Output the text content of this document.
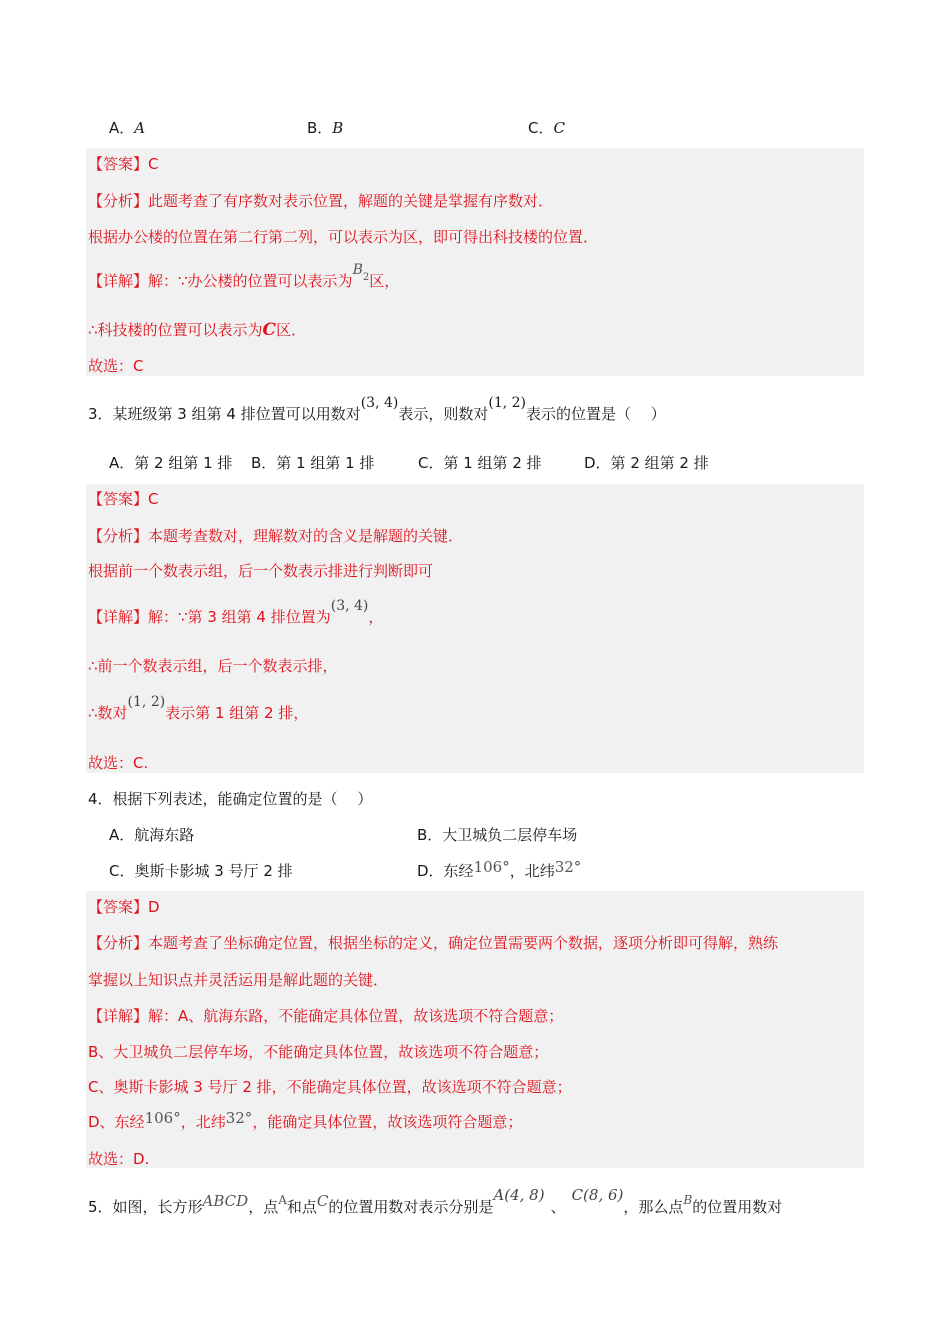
A．A	B．B	C．C
【答案】C
【分析】此题考查了有序数对表示位置，解题的关键是掌握有序数对．
根据办公楼的位置在第二行第二列，可以表示为区，即可得出科技楼的位置．
【详解】解：∵办公楼的位置可以表示为$B^2$区，
∴科技楼的位置可以表示为C区．
故选：C
3．某班级第 3 组第 4 排位置可以用数对(3, 4)表示，则数对(1, 2)表示的位置是（　 ）
A．第 2 组第 1 排 B．第 1 组第 1 排	C．第 1 组第 2 排	D．第 2 组第 2 排
【答案】C
【分析】本题考查数对，理解数对的含义是解题的关键．
根据前一个数表示组，后一个数表示排进行判断即可
【详解】解：∵第 3 组第 4 排位置为(3, 4)，
∴前一个数表示组，后一个数表示排，
∴数对(1, 2)表示第 1 组第 2 排，
故选：C.
4．根据下列表述，能确定位置的是（　 ）
A．航海东路	B．大卫城负二层停车场
C．奥斯卡影城 3 号厅 2 排	D．东经106°，北纬32°
【答案】D
【分析】本题考查了坐标确定位置，根据坐标的定义，确定位置需要两个数据，逐项分析即可得解，熟练
掌握以上知识点并灵活运用是解此题的关键．
【详解】解：A、航海东路，不能确定具体位置，故该选项不符合题意；
B、大卫城负二层停车场，不能确定具体位置，故该选项不符合题意；
C、奥斯卡影城 3 号厅 2 排，不能确定具体位置，故该选项不符合题意；
D、东经106°，北纬32°，能确定具体位置，故该选项符合题意；
故选：D.
5．如图，长方形ABCD，点$^A$和点C的位置用数对表示分别是A(4, 8)、C(8, 6)，那么点$^B$的位置用数对
